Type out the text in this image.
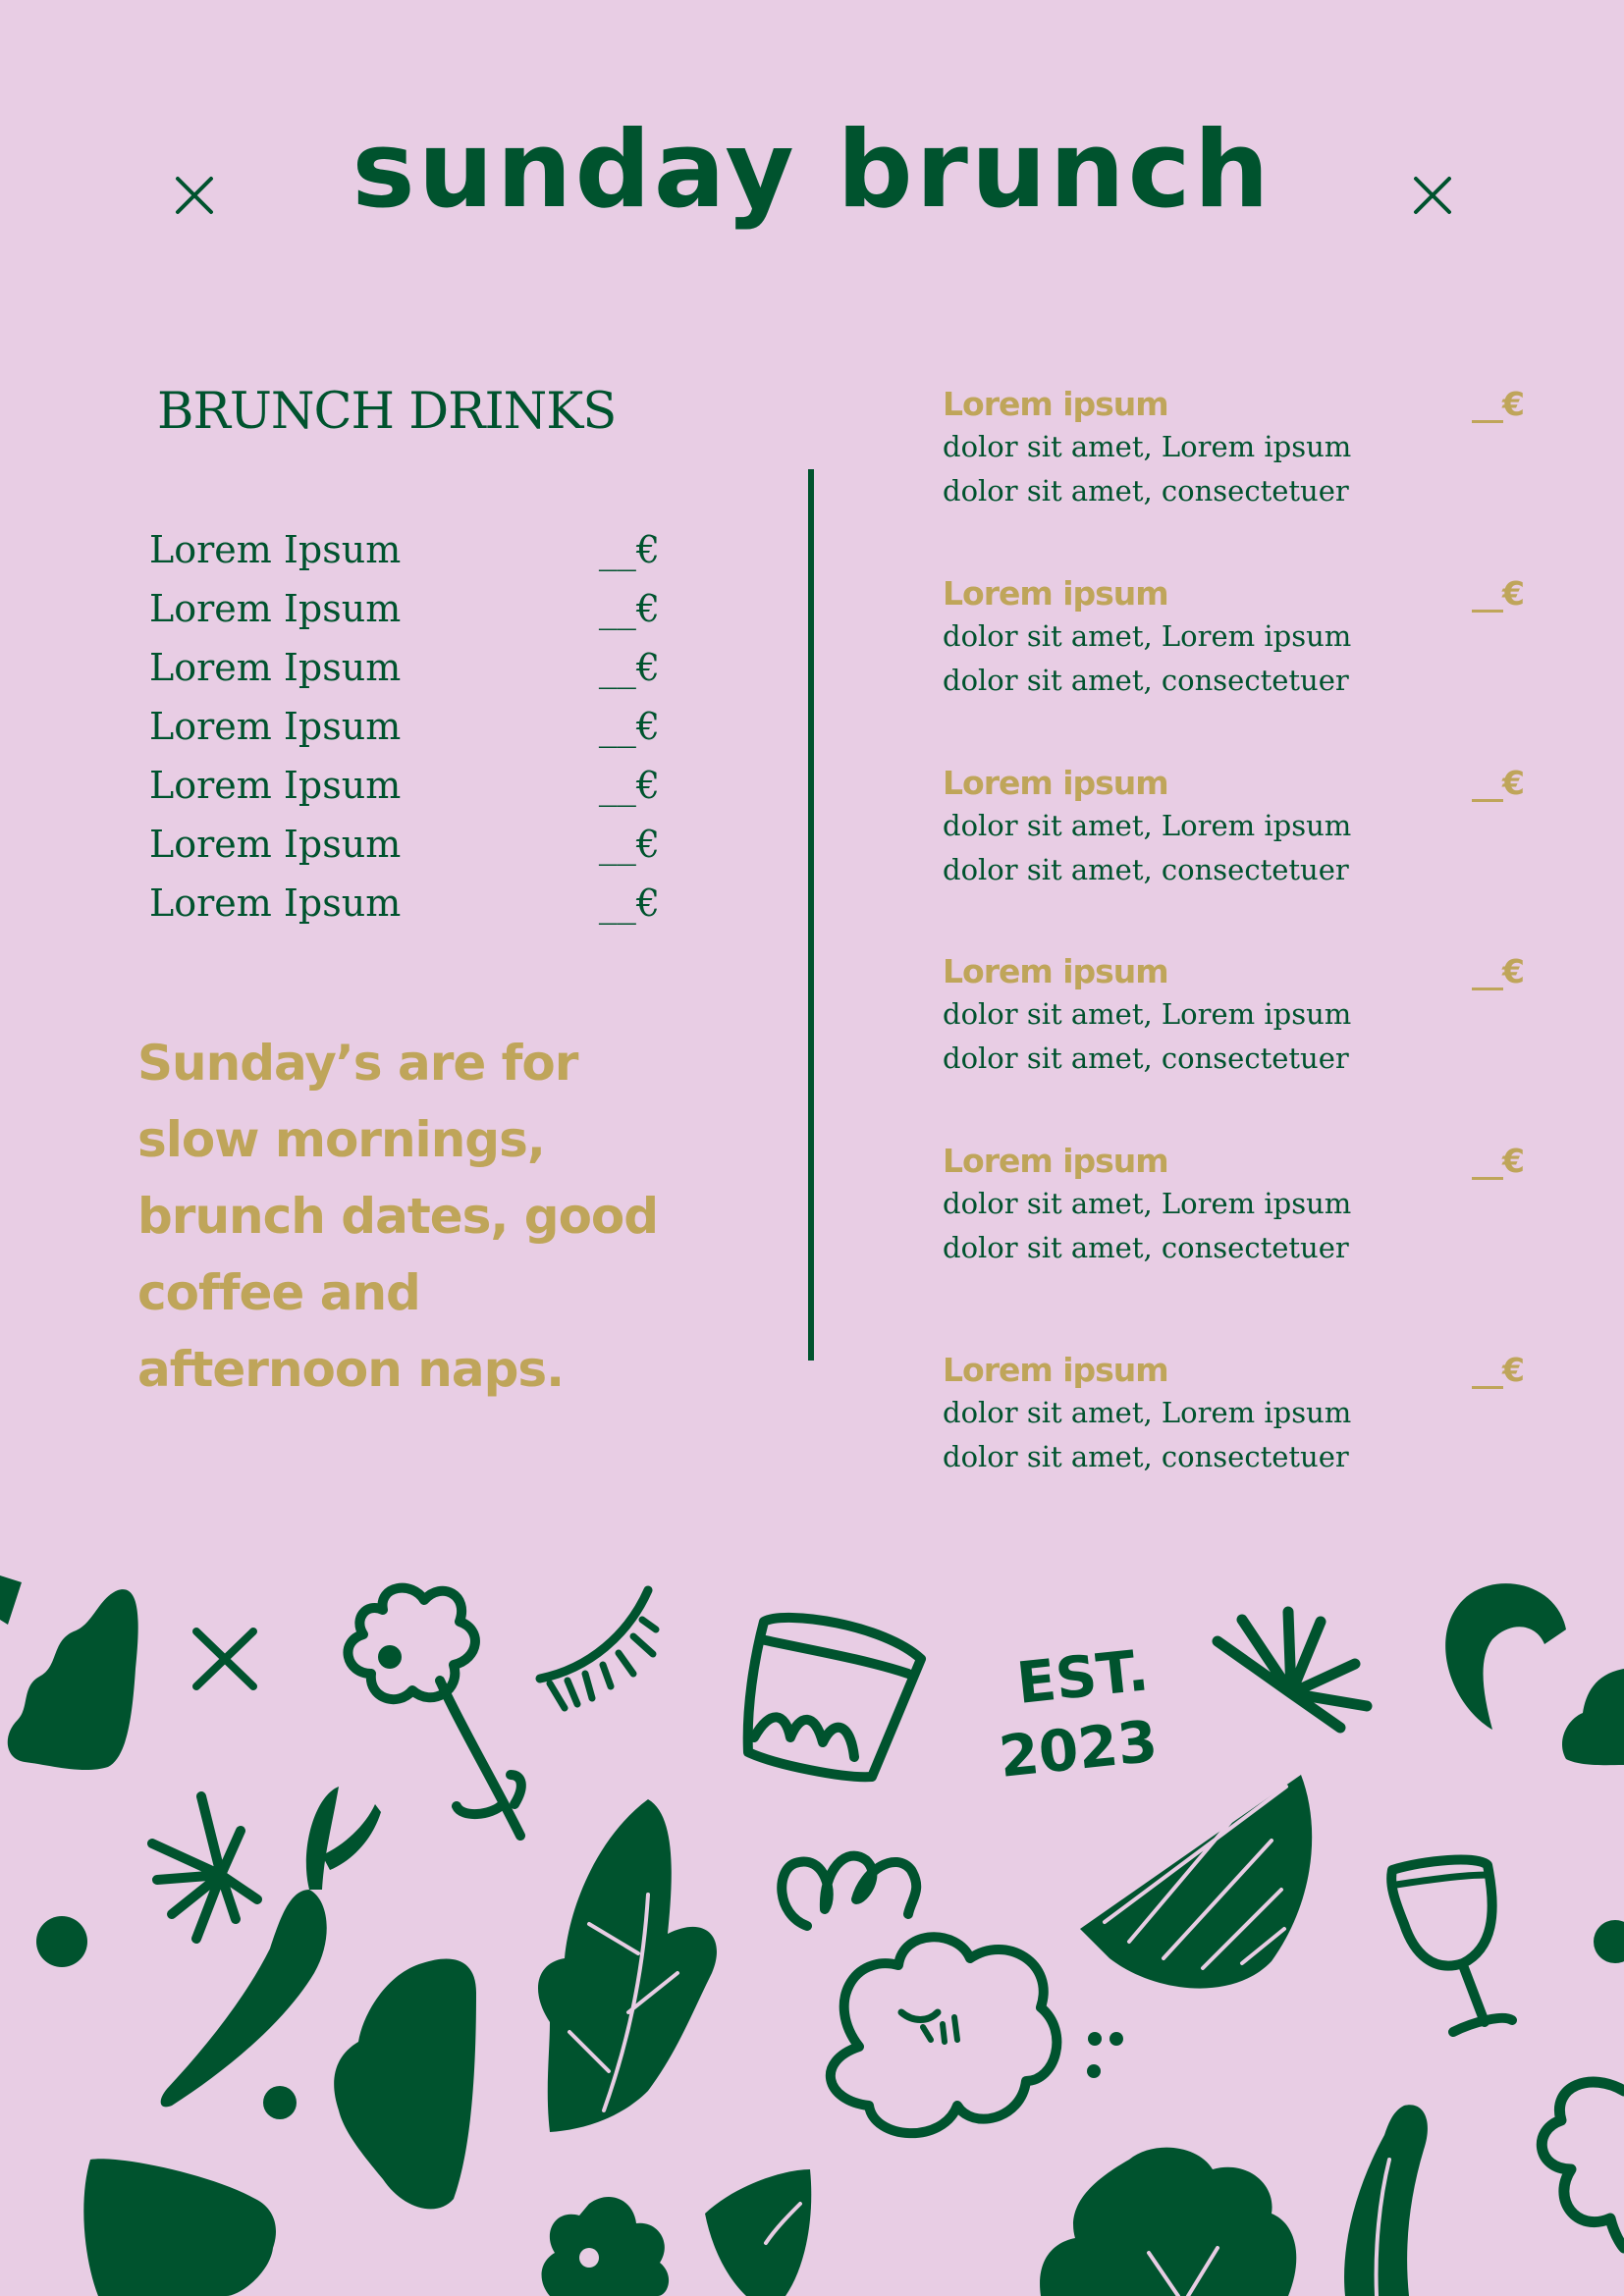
sunday brunch
BRUNCH DRINKS
Lorem Ipsum	__€
Lorem Ipsum	__€
Lorem Ipsum	__€
Lorem Ipsum	__€
Lorem Ipsum	__€
Lorem Ipsum	__€
Lorem Ipsum	__€
Sunday’s are for slow mornings, brunch dates, good coffee and afternoon naps.
Lorem ipsum	__€
dolor sit amet, Lorem ipsum
dolor sit amet, consectetuer
Lorem ipsum	__€
dolor sit amet, Lorem ipsum
dolor sit amet, consectetuer
Lorem ipsum	__€
dolor sit amet, Lorem ipsum
dolor sit amet, consectetuer
Lorem ipsum	__€
dolor sit amet, Lorem ipsum
dolor sit amet, consectetuer
Lorem ipsum	__€
dolor sit amet, Lorem ipsum
dolor sit amet, consectetuer
Lorem ipsum	__€
dolor sit amet, Lorem ipsum
dolor sit amet, consectetuer
EST.
2023
